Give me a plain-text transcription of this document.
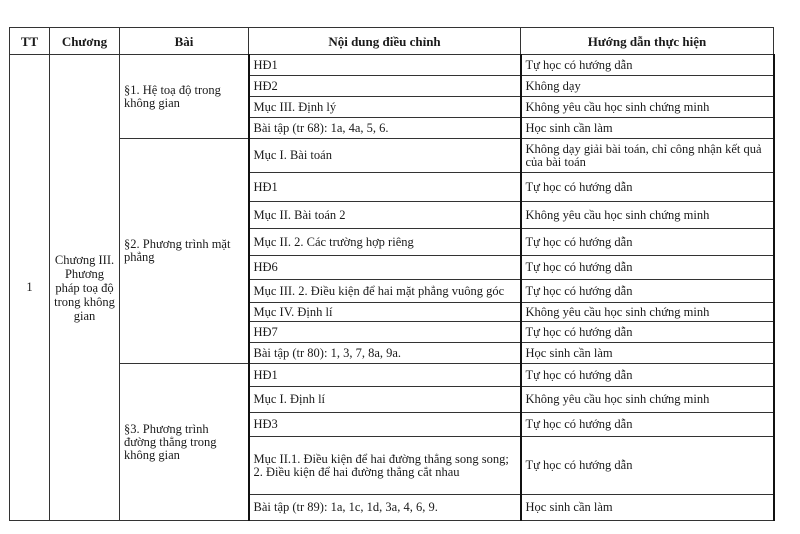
TT	Chương	Bài	Nội dung điều chỉnh	Hướng dẫn thực hiện
1	Chương III. Phương pháp toạ độ trong không gian	§1. Hệ toạ độ trong không gian	HĐ1	Tự học có hướng dẫn
			HĐ2	Không dạy
			Mục III. Định lý	Không yêu cầu học sinh chứng minh
			Bài tập (tr 68): 1a, 4a, 5, 6.	Học sinh cần làm
		§2. Phương trình mặt phẳng	Mục I. Bài toán	Không dạy giải bài toán, chỉ công nhận kết quả của bài toán
			HĐ1	Tự học có hướng dẫn
			Mục II. Bài toán 2	Không yêu cầu học sinh chứng minh
			Mục II. 2. Các trường hợp riêng	Tự học có hướng dẫn
			HĐ6	Tự học có hướng dẫn
			Mục III. 2. Điều kiện để hai mặt phẳng vuông góc	Tự học có hướng dẫn
			Mục IV. Định lí	Không yêu cầu học sinh chứng minh
			HĐ7	Tự học có hướng dẫn
			Bài tập (tr 80): 1, 3, 7, 8a, 9a.	Học sinh cần làm
		§3. Phương trình đường thẳng trong không gian	HĐ1	Tự học có hướng dẫn
			Mục I. Định lí	Không yêu cầu học sinh chứng minh
			HĐ3	Tự học có hướng dẫn

			Mục II.1. Điều kiện để hai đường thẳng song song;
2. Điều kiện để hai đường thẳng cắt nhau	Tự học có hướng dẫn
			Bài tập (tr 89): 1a, 1c, 1d, 3a, 4, 6, 9.	Học sinh cần làm
